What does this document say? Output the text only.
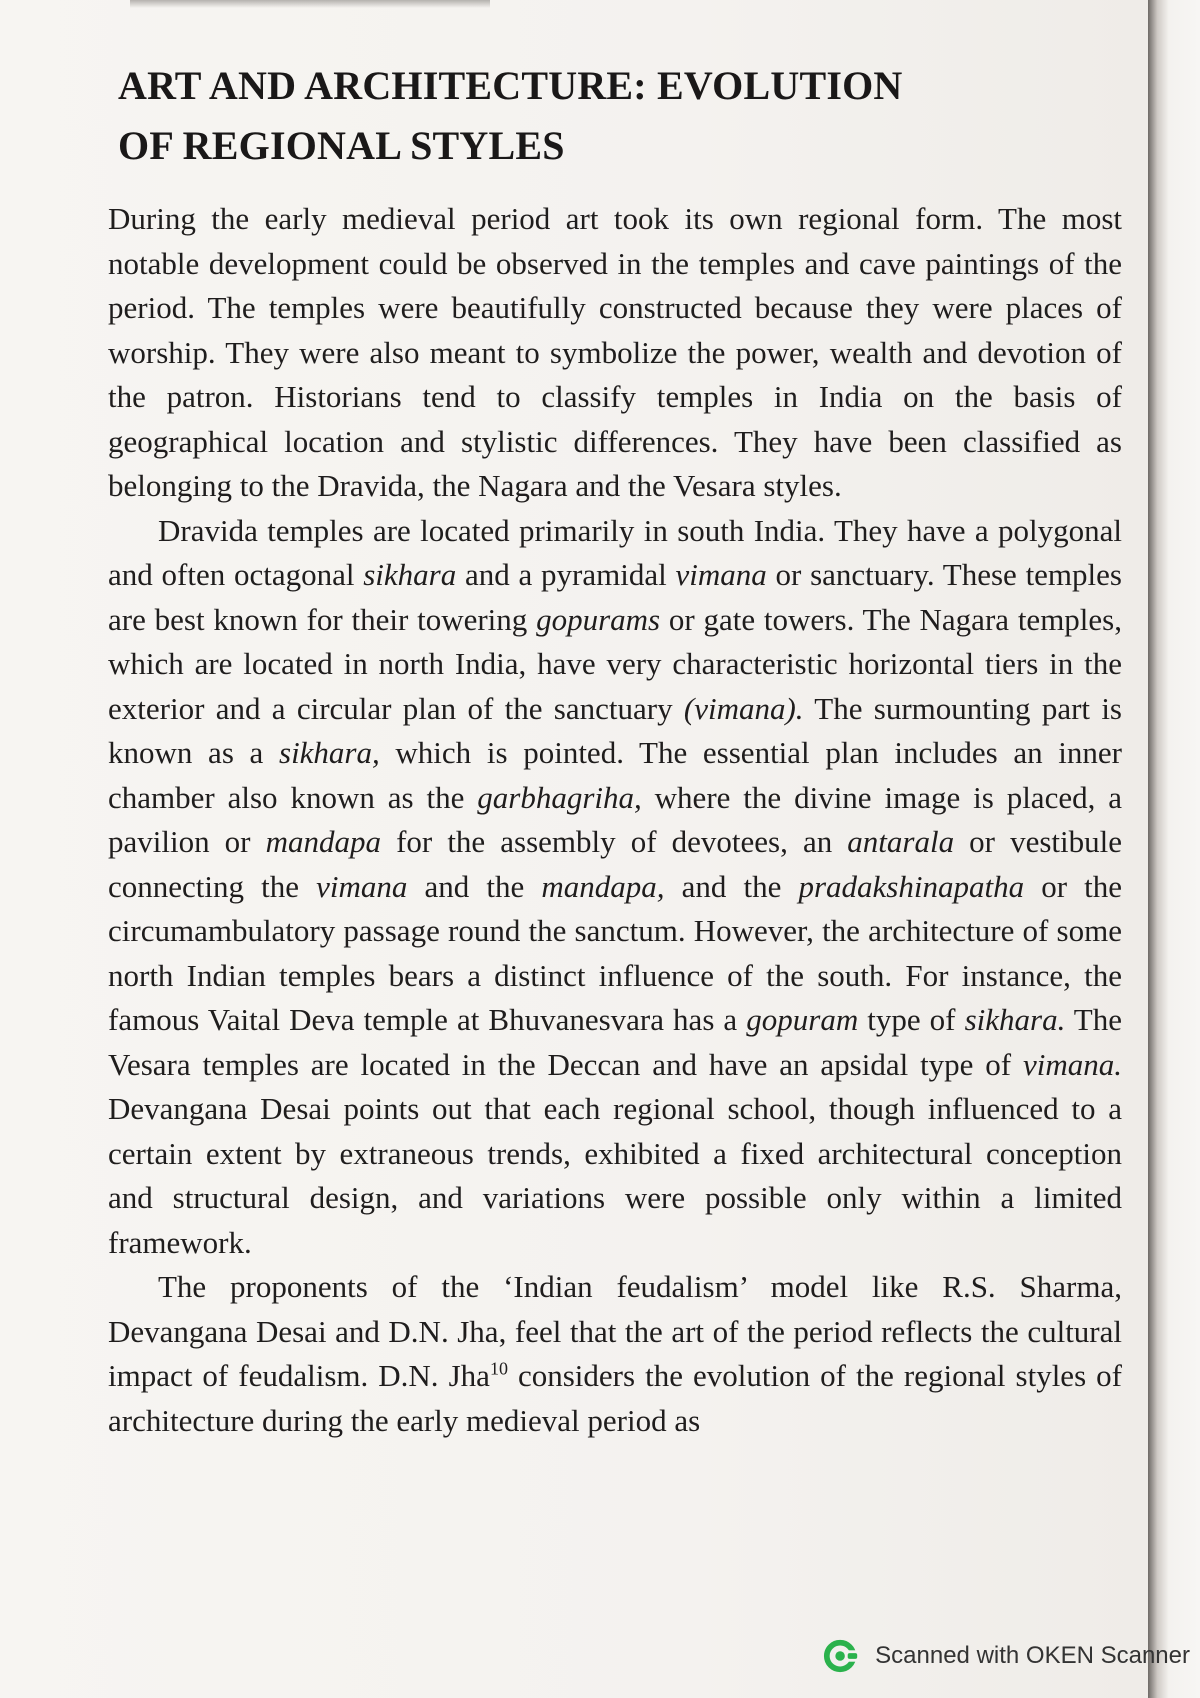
ART AND ARCHITECTURE: EVOLUTION
OF REGIONAL STYLES

During the early medieval period art took its own regional form. The most notable development could be observed in the temples and cave paintings of the period. The temples were beautifully constructed because they were places of worship. They were also meant to symbolize the power, wealth and devotion of the patron. Historians tend to classify temples in India on the basis of geographical location and stylistic differences. They have been classified as belonging to the Dravida, the Nagara and the Vesara styles.

Dravida temples are located primarily in south India. They have a polygonal and often octagonal sikhara and a pyramidal vimana or sanctuary. These temples are best known for their towering gopurams or gate towers. The Nagara temples, which are located in north India, have very characteristic horizontal tiers in the exterior and a circular plan of the sanctuary (vimana). The surmounting part is known as a sikhara, which is pointed. The essential plan includes an inner chamber also known as the garbhagriha, where the divine image is placed, a pavilion or mandapa for the assembly of devotees, an antarala or vestibule connecting the vimana and the mandapa, and the pradakshinapatha or the circumambulatory passage round the sanctum. However, the architecture of some north Indian temples bears a distinct influence of the south. For instance, the famous Vaital Deva temple at Bhuvanesvara has a gopuram type of sikhara. The Vesara temples are located in the Deccan and have an apsidal type of vimana. Devangana Desai points out that each regional school, though influenced to a certain extent by extraneous trends, exhibited a fixed architectural conception and structural design, and variations were possible only within a limited framework.

The proponents of the ‘Indian feudalism’ model like R.S. Sharma, Devangana Desai and D.N. Jha, feel that the art of the period reflects the cultural impact of feudalism. D.N. Jha$^{10}$ considers the evolution of the regional styles of architecture during the early medieval period as

Scanned with OKEN Scanner
